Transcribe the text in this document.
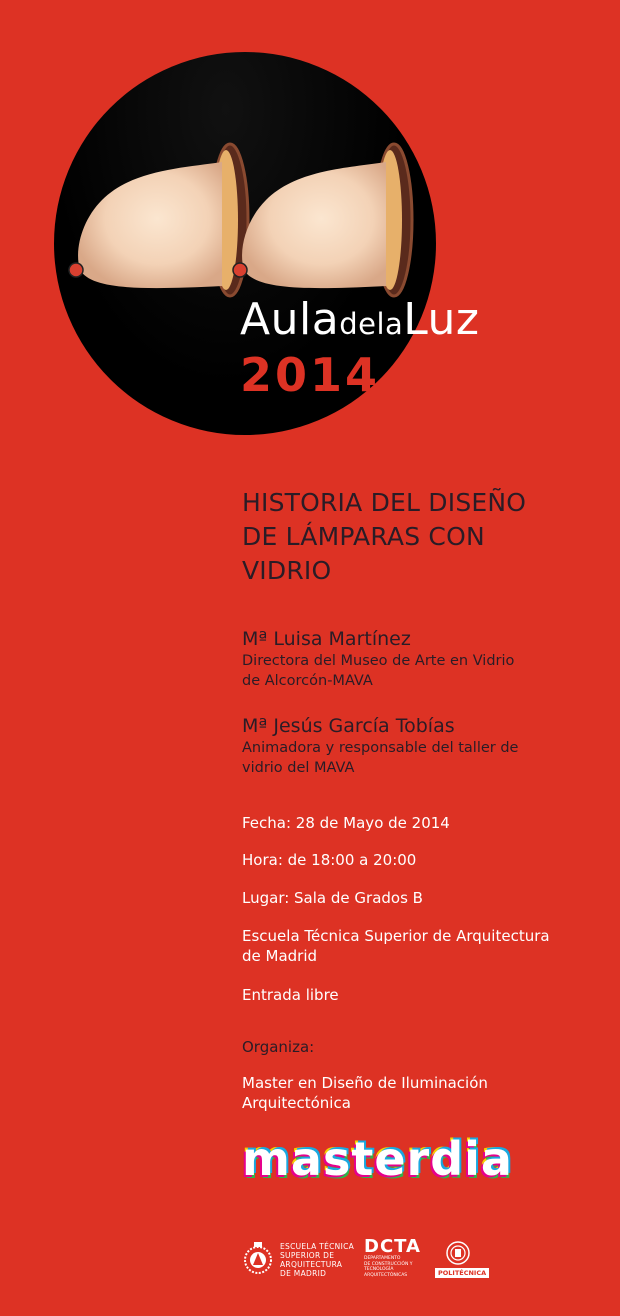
AuladelaLuz
2014
HISTORIA DEL DISEÑO
DE LÁMPARAS CON
VIDRIO
Mª Luisa Martínez
Directora del Museo de Arte en Vidrio
de Alcorcón-MAVA
Mª Jesús García Tobías
Animadora y responsable del taller de
vidrio del MAVA
Fecha: 28 de Mayo de 2014
Hora: de 18:00 a 20:00
Lugar: Sala de Grados B
Escuela Técnica Superior de Arquitectura
de Madrid
Entrada libre
Organiza:
Master en Diseño de Iluminación
Arquitectónica
masterdia
ESCUELA TÉCNICA
SUPERIOR DE
ARQUITECTURA
DE MADRID
DCTA
DEPARTAMENTO
DE CONSTRUCCIÓN Y
TECNOLOGÍA
ARQUITECTÓNICAS	POLITÉCNICA
